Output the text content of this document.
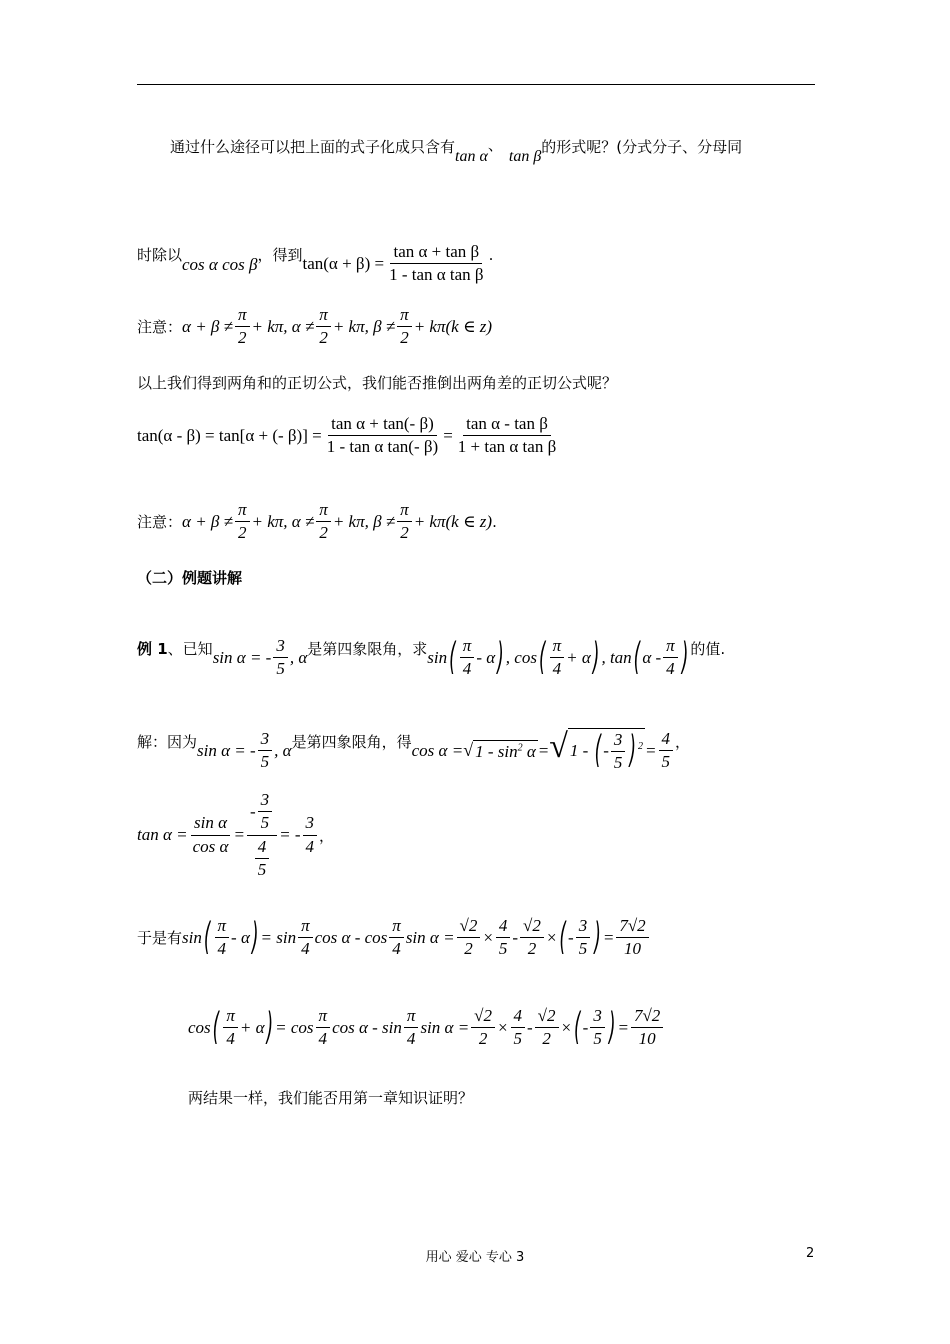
通过什么途径可以把上面的式子化成只含有
tan α
、
tan β
的形式呢？(分式分子、分母同
时除以 cos α cos β ，得到 $\tan(\alpha + \beta) = \frac{\text{tan α + tan β}}{\text{1 - tan α tan β}}$ .
注意： $\alpha + \beta \ne \frac{\pi}{2} + k\pi$, $\alpha \ne \frac{\pi}{2} + k\pi$, $\beta \ne \frac{\pi}{2} + k\pi(k$ ∈ z)
以上我们得到两角和的正切公式，我们能否推倒出两角差的正切公式呢？
tan(α - β) = tan[α + (- $\beta)] = \frac{\text{tan α + tan(- β)}}{\text{1 - tan α tan(- β)}} = \frac{\text{tan α - tan β}}{\text{1 + tan α tan β}}$
注意： $\alpha + \beta \ne \frac{\pi}{2} + k\pi$, $\alpha \ne \frac{\pi}{2} + k\pi$, $\beta \ne \frac{\pi}{2} + k\pi(k$ ∈ z) .
（二）例题讲解
例 1 、已知 sin α = - $\frac{3}{5}$ , α 是第四象限角，求 sin ( $\frac{\pi}{4}$ - α ) , cos ( $\frac{\pi}{4} + \alpha$ ) , tan ( α - $\frac{\pi}{4}$ ) 的值.
解：因为 sin α = - $\frac{3}{5}$ , α 是第四象限角，得 cos α = √ $1 - \sin^2 \alpha$ = √ 1 - ( - $\frac{3}{5}$ ) $^2 = \frac{4}{5}$ ，
$\tan \alpha = \frac{\text{sin α}}{\text{cos α}} = \frac{- \frac{3}{5}}{\frac{4}{5}}$ = - $\frac{3}{4}$ ，
于是有 sin ( $\frac{\pi}{4}$ - α ) = $\sin \frac{\pi}{4}$ cos α - $\cos \frac{\pi}{4}$ $\sin \alpha = \frac{√2}{2} \times \frac{4}{5} - \frac{√2}{2}$ × ( - $\frac{3}{5}$ ) = $\frac{7√2}{10}$
cos ( $\frac{\pi}{4} + \alpha$ ) = $\cos \frac{\pi}{4}$ cos α - $\sin \frac{\pi}{4}$ $\sin \alpha = \frac{√2}{2} \times \frac{4}{5} - \frac{√2}{2}$ × ( - $\frac{3}{5}$ ) = $\frac{7√2}{10}$
两结果一样，我们能否用第一章知识证明？
用心 爱心 专心 3	2
